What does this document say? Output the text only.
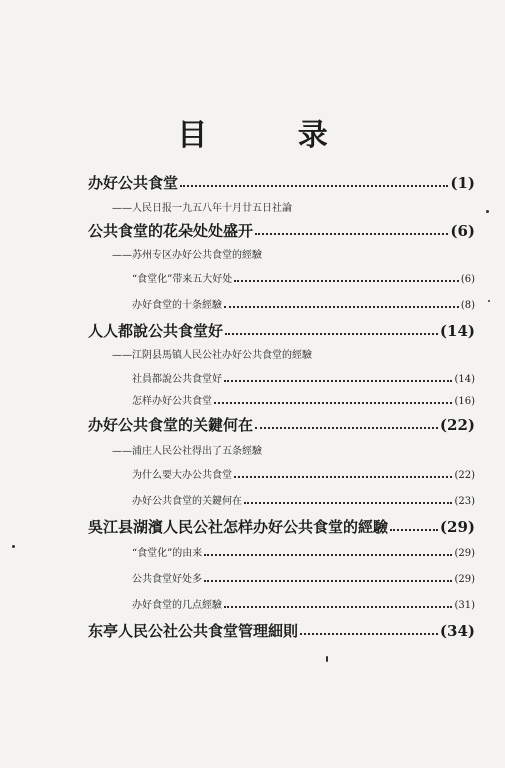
目 录
办好公共食堂	(1)
——人民日报一九五八年十月廿五日社論
公共食堂的花朵处处盛开	(6)
——苏州专区办好公共食堂的經驗
“食堂化”带来五大好处	(6)
办好食堂的十条經驗	(8)
人人都說公共食堂好	(14)
——江阴县馬镇人民公社办好公共食堂的經驗
社員都說公共食堂好	(14)
怎样办好公共食堂	(16)
办好公共食堂的关鍵何在	(22)
——浦庄人民公社得出了五条經驗
为什么要大办公共食堂	(22)
办好公共食堂的关鍵何在	(23)
吳江县湖濱人民公社怎样办好公共食堂的經驗	(29)
“食堂化”的由来	(29)
公共食堂好处多	(29)
办好食堂的几点經驗	(31)
东亭人民公社公共食堂管理細則	(34)
